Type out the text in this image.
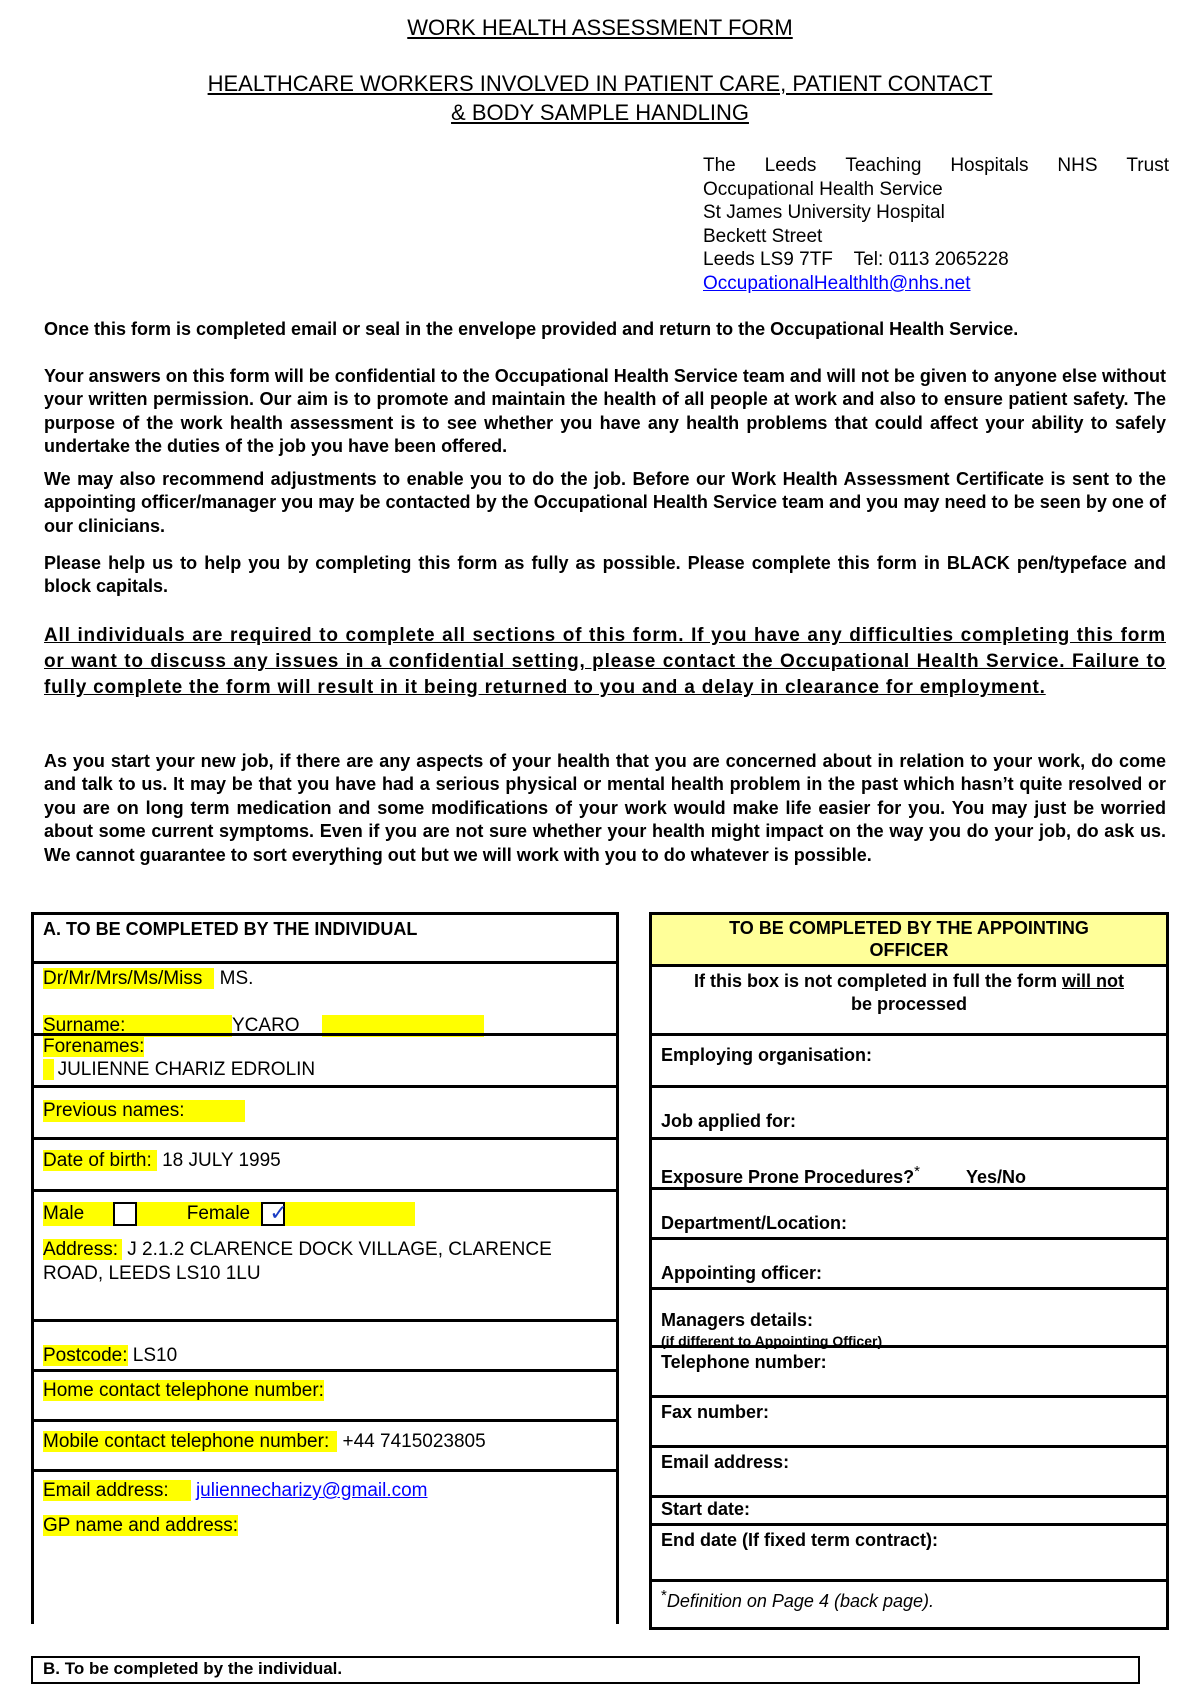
WORK HEALTH ASSESSMENT FORM
HEALTHCARE WORKERS INVOLVED IN PATIENT CARE, PATIENT CONTACT
& BODY SAMPLE HANDLING
The Leeds Teaching Hospitals NHS Trust
Occupational Health Service
St James University Hospital
Beckett Street
Leeds LS9 7TF    Tel: 0113 2065228
OccupationalHealthlth@nhs.net
Once this form is completed email or seal in the envelope provided and return to the Occupational Health Service.
Your answers on this form will be confidential to the Occupational Health Service team and will not be given to anyone else without your written permission. Our aim is to promote and maintain the health of all people at work and also to ensure patient safety. The purpose of the work health assessment is to see whether you have any health problems that could affect your ability to safely undertake the duties of the job you have been offered.
We may also recommend adjustments to enable you to do the job. Before our Work Health Assessment Certificate is sent to the appointing officer/manager you may be contacted by the Occupational Health Service team and you may need to be seen by one of our clinicians.
Please help us to help you by completing this form as fully as possible. Please complete this form in BLACK pen/typeface and block capitals.
All individuals are required to complete all sections of this form. If you have any difficulties completing this form or want to discuss any issues in a confidential setting, please contact the Occupational Health Service. Failure to fully complete the form will result in it being returned to you and a delay in clearance for employment.
As you start your new job, if there are any aspects of your health that you are concerned about in relation to your work, do come and talk to us. It may be that you have had a serious physical or mental health problem in the past which hasn’t quite resolved or you are on long term medication and some modifications of your work would make life easier for you. You may just be worried about some current symptoms. Even if you are not sure whether your health might impact on the way you do your job, do ask us. We cannot guarantee to sort everything out but we will work with you to do whatever is possible.
A. TO BE COMPLETED BY THE INDIVIDUAL
Dr/Mr/Mrs/Ms/Miss MS.
Surname:	YCARO
Forenames:
JULIENNE CHARIZ EDROLIN
Previous names:
Date of birth: 18 JULY 1995
Male	Female ✓
Address: J 2.1.2 CLARENCE DOCK VILLAGE, CLARENCE
ROAD, LEEDS LS10 1LU
Postcode: LS10
Home contact telephone number:
Mobile contact telephone number: +44 7415023805
Email address: juliennecharizy@gmail.com
GP name and address:
TO BE COMPLETED BY THE APPOINTING
OFFICER
If this box is not completed in full the form will not
be processed
Employing organisation:
Job applied for:
Exposure Prone Procedures?*	Yes/No
Department/Location:
Appointing officer:
Managers details:
(if different to Appointing Officer)
Telephone number:
Fax number:
Email address:
Start date:
End date (If fixed term contract):
*Definition on Page 4 (back page).
B. To be completed by the individual.
